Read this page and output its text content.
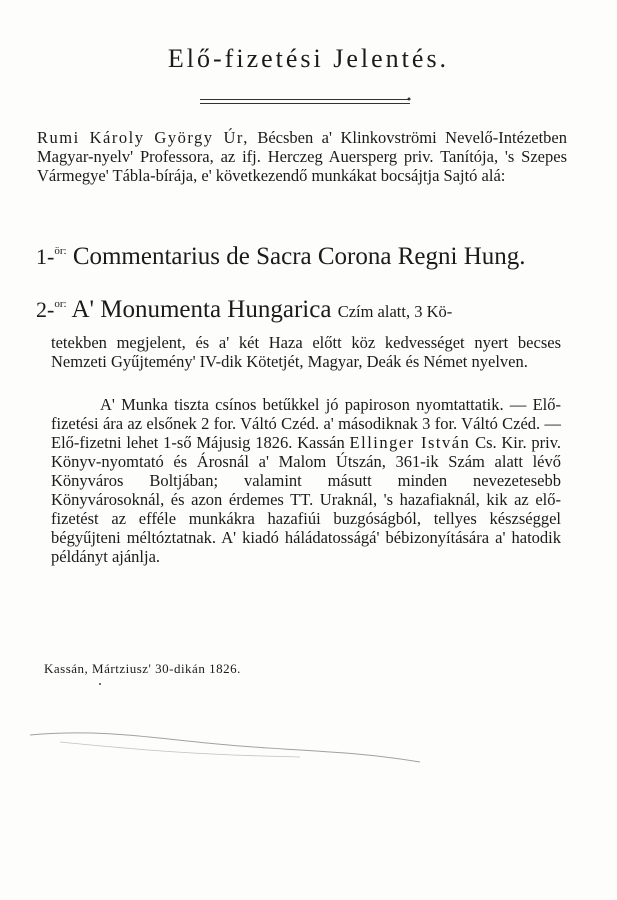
Elő-fizetési Jelentés.
Rumi Károly György Úr, Bécsben a' Klinkovströmi Nevelő-Intézetben Magyar-nyelv' Professora, az ifj. Herczeg Auersperg priv. Tanítója, 's Szepes Vármegye' Tábla-bírája, e' következendő munkákat bocsájtja Sajtó alá:
1-$^{ör:}$ Commentarius de Sacra Corona Regni Hung.
2-$^{or:}$ A' Monumenta Hungarica Czím alatt, 3 Kö-
tetekben megjelent, és a' két Haza előtt köz kedvességet nyert becses Nemzeti Gyűjtemény' IV-dik Kötetjét, Magyar, Deák és Német nyelven.
A' Munka tiszta csínos betűkkel jó papiroson nyomtattatik. — Elő-fizetési ára az elsőnek 2 for. Váltó Czéd. a' másodiknak 3 for. Váltó Czéd. — Elő-fizetni lehet 1-ső Májusig 1826. Kassán Ellinger István Cs. Kir. priv. Könyv-nyomtató és Árosnál a' Malom Útszán, 361-ik Szám alatt lévő Könyváros Boltjában; valamint másutt minden nevezetesebb Könyvárosoknál, és azon érdemes TT. Uraknál, 's hazafiaknál, kik az elő-fizetést az efféle munkákra hazafiúi buzgóságból, tellyes készséggel bégyűjteni méltóztatnak. A' kiadó háládatosságá' bébizonyítására a' hatodik példányt ajánlja.
Kassán, Mártziusz' 30-dikán 1826.
